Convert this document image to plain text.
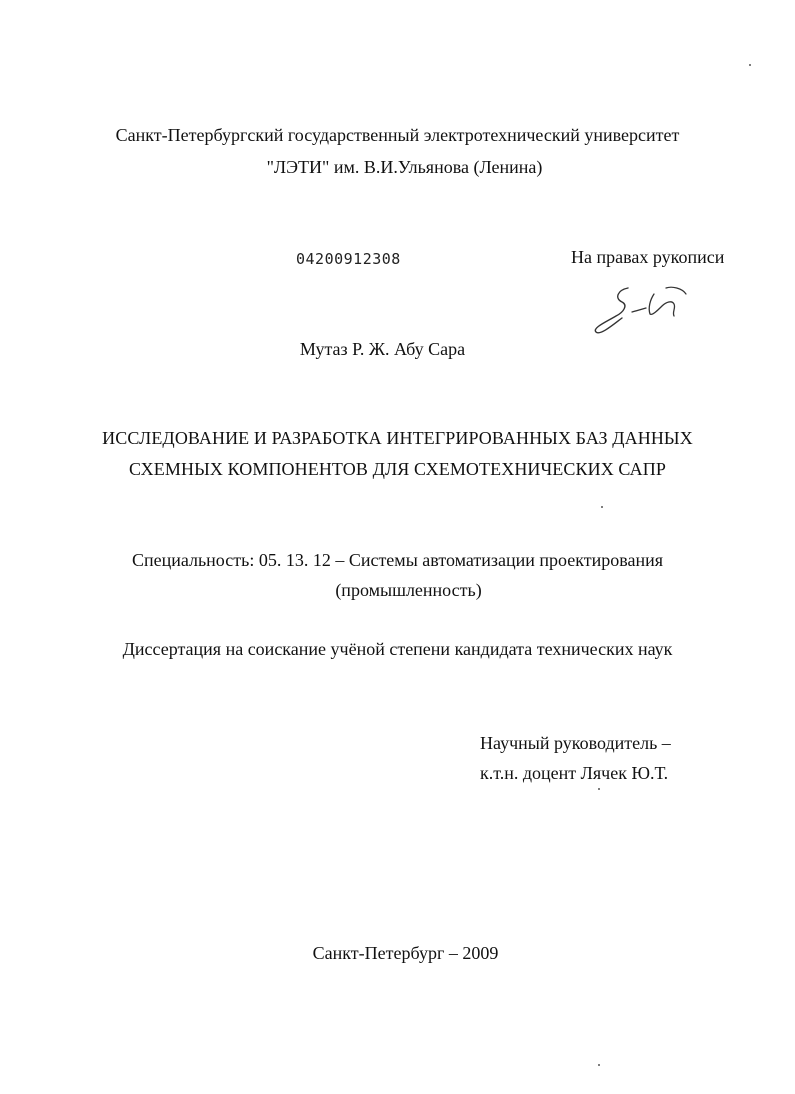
Санкт-Петербургский государственный электротехнический университет
"ЛЭТИ" им. В.И.Ульянова (Ленина)
04200912308	На правах рукописи
Мутаз Р. Ж. Абу Сара
ИССЛЕДОВАНИЕ И РАЗРАБОТКА ИНТЕГРИРОВАННЫХ БАЗ ДАННЫХ
СХЕМНЫХ КОМПОНЕНТОВ ДЛЯ СХЕМОТЕХНИЧЕСКИХ САПР
Специальность: 05. 13. 12 – Системы автоматизации проектирования
(промышленность)
Диссертация на соискание учёной степени кандидата технических наук
Научный руководитель –
к.т.н. доцент Лячек Ю.Т.
Санкт-Петербург – 2009
